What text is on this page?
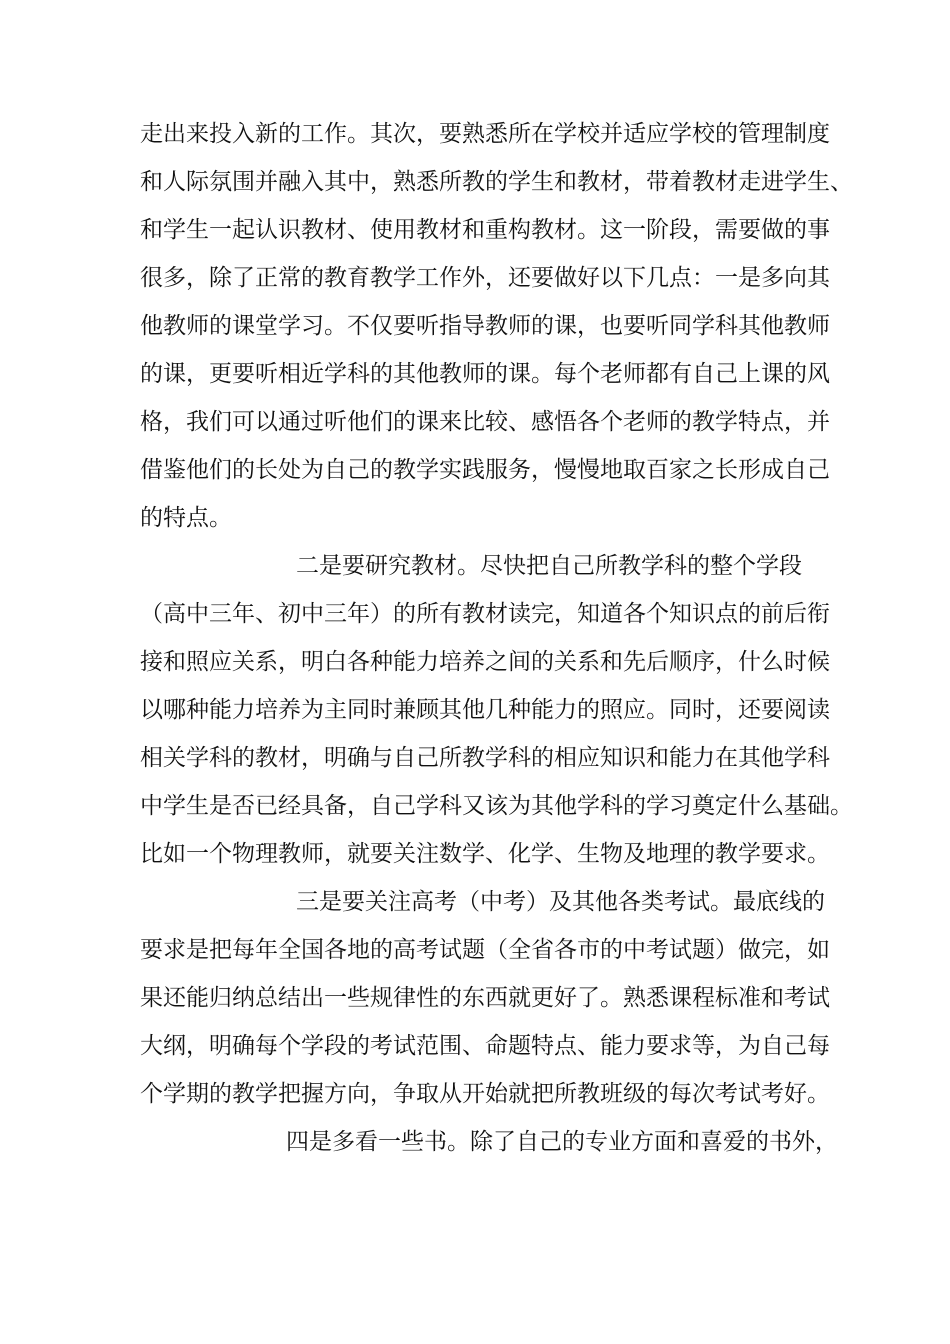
走出来投入新的工作。其次，要熟悉所在学校并适应学校的管理制度
和人际氛围并融入其中，熟悉所教的学生和教材，带着教材走进学生、
和学生一起认识教材、使用教材和重构教材。这一阶段，需要做的事
很多，除了正常的教育教学工作外，还要做好以下几点：一是多向其
他教师的课堂学习。不仅要听指导教师的课，也要听同学科其他教师
的课，更要听相近学科的其他教师的课。每个老师都有自己上课的风
格，我们可以通过听他们的课来比较、感悟各个老师的教学特点，并
借鉴他们的长处为自己的教学实践服务，慢慢地取百家之长形成自己
的特点。
二是要研究教材。尽快把自己所教学科的整个学段
（高中三年、初中三年）的所有教材读完，知道各个知识点的前后衔
接和照应关系，明白各种能力培养之间的关系和先后顺序，什么时候
以哪种能力培养为主同时兼顾其他几种能力的照应。同时，还要阅读
相关学科的教材，明确与自己所教学科的相应知识和能力在其他学科
中学生是否已经具备，自己学科又该为其他学科的学习奠定什么基础。
比如一个物理教师，就要关注数学、化学、生物及地理的教学要求。
三是要关注高考（中考）及其他各类考试。最底线的
要求是把每年全国各地的高考试题（全省各市的中考试题）做完，如
果还能归纳总结出一些规律性的东西就更好了。熟悉课程标准和考试
大纲，明确每个学段的考试范围、命题特点、能力要求等，为自己每
个学期的教学把握方向，争取从开始就把所教班级的每次考试考好。
四是多看一些书。除了自己的专业方面和喜爱的书外，
